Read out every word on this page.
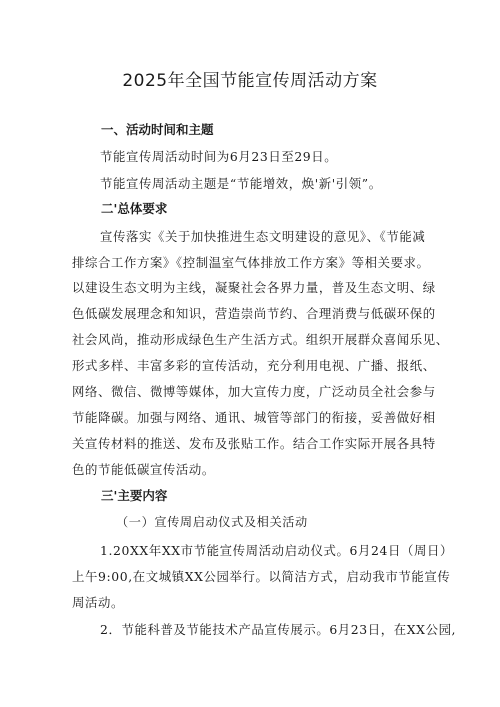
2025年全国节能宣传周活动方案
一、活动时间和主题
节能宣传周活动时间为6月23日至29日。
节能宣传周活动主题是“节能增效，焕'新'引领”。
二'总体要求
宣传落实《关于加快推进生态文明建设的意见》、《节能减
排综合工作方案》《控制温室气体排放工作方案》等相关要求。
以建设生态文明为主线，凝聚社会各界力量，普及生态文明、绿
色低碳发展理念和知识，营造崇尚节约、合理消费与低碳环保的
社会风尚，推动形成绿色生产生活方式。组织开展群众喜闻乐见、
形式多样、丰富多彩的宣传活动，充分利用电视、广播、报纸、
网络、微信、微博等媒体，加大宣传力度，广泛动员全社会参与
节能降碳。加强与网络、通讯、城管等部门的衔接，妥善做好相
关宣传材料的推送、发布及张贴工作。结合工作实际开展各具特
色的节能低碳宣传活动。
三'主要内容
（一）宣传周启动仪式及相关活动
1.20XX年XX市节能宣传周活动启动仪式。6月24日（周日）
上午9:00,在文城镇XX公园举行。以简洁方式，启动我市节能宣传
周活动。
2．节能科普及节能技术产品宣传展示。6月23日，在XX公园,
